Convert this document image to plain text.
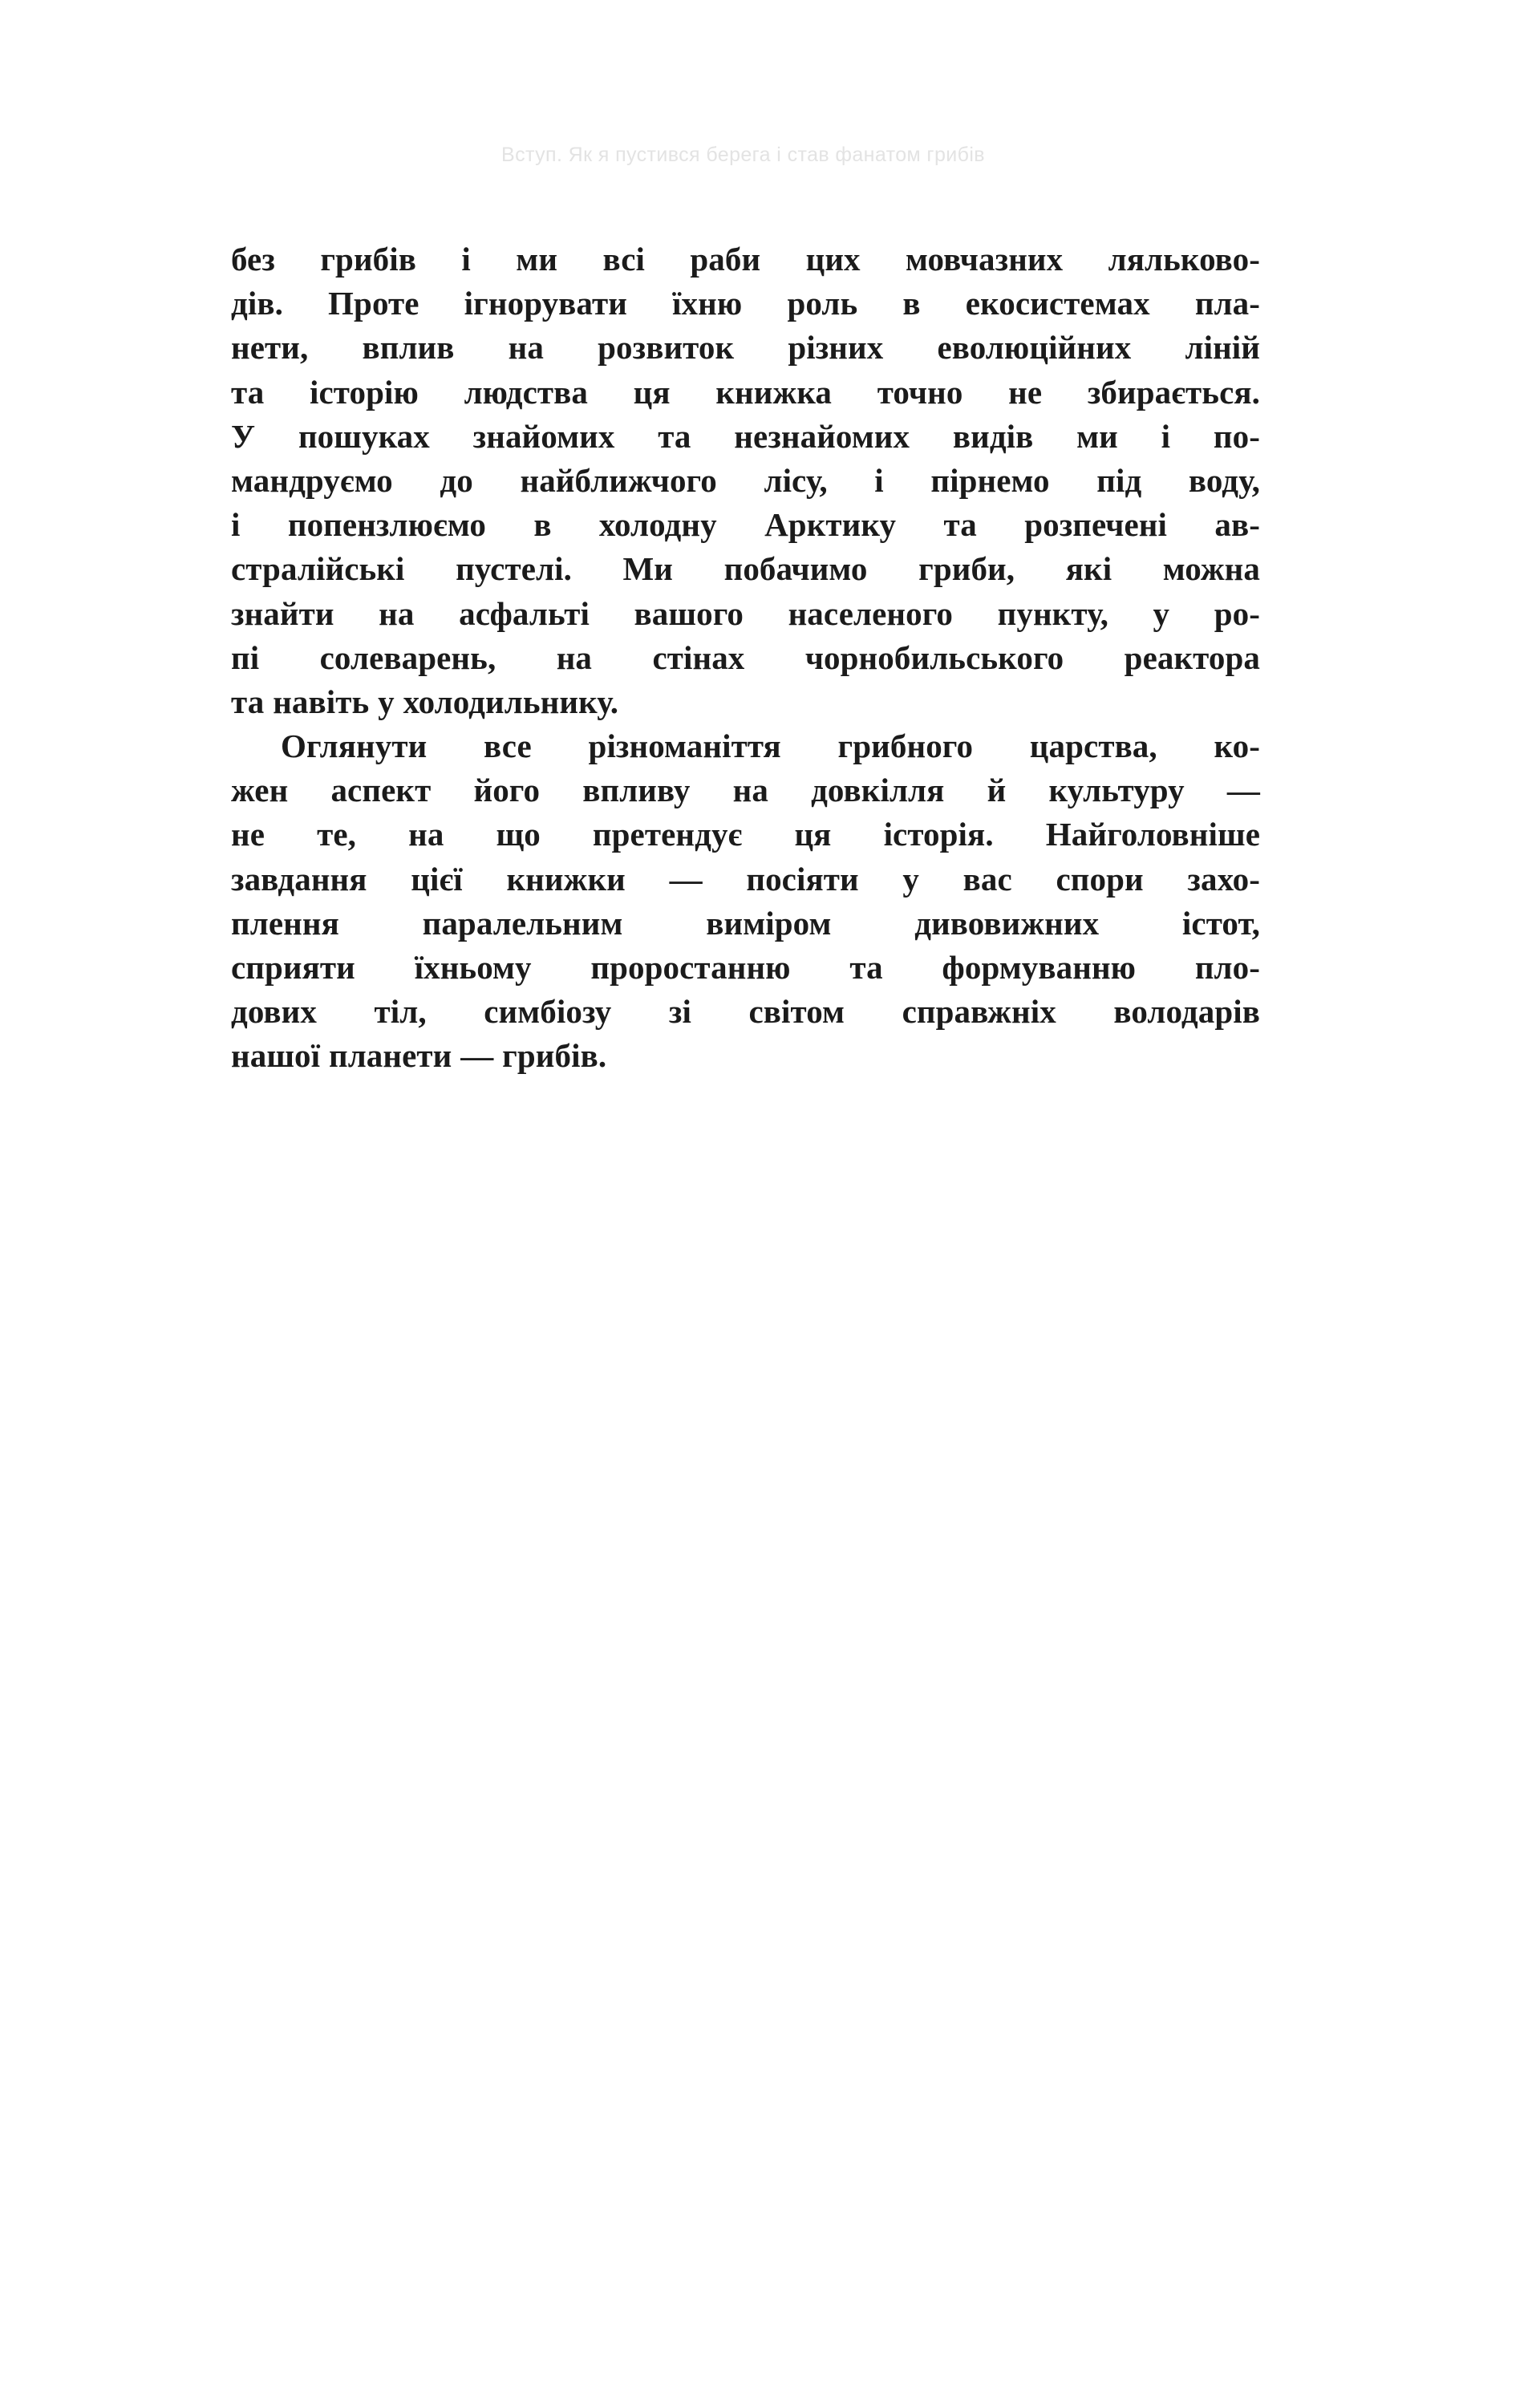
Вступ. Як я пустився берега і став фанатом грибів

без грибів і ми всі раби цих мовчазних ляльково-
дів. Проте ігнорувати їхню роль в екосистемах пла-
нети, вплив на розвиток різних еволюційних ліній
та історію людства ця книжка точно не збирається.
У пошуках знайомих та незнайомих видів ми і по-
мандруємо до найближчого лісу, і пірнемо під воду,
і попензлюємо в холодну Арктику та розпечені ав-
стралійські пустелі. Ми побачимо гриби, які можна
знайти на асфальті вашого населеного пункту, у ро-
пі солеварень, на стінах чорнобильського реактора
та навіть у холодильнику.

Оглянути все різноманіття грибного царства, ко-
жен аспект його впливу на довкілля й культуру —
не те, на що претендує ця історія. Найголовніше
завдання цієї книжки — посіяти у вас спори захо-
плення паралельним виміром дивовижних істот,
сприяти їхньому проростанню та формуванню пло-
дових тіл, симбіозу зі світом справжніх володарів
нашої планети — грибів.
